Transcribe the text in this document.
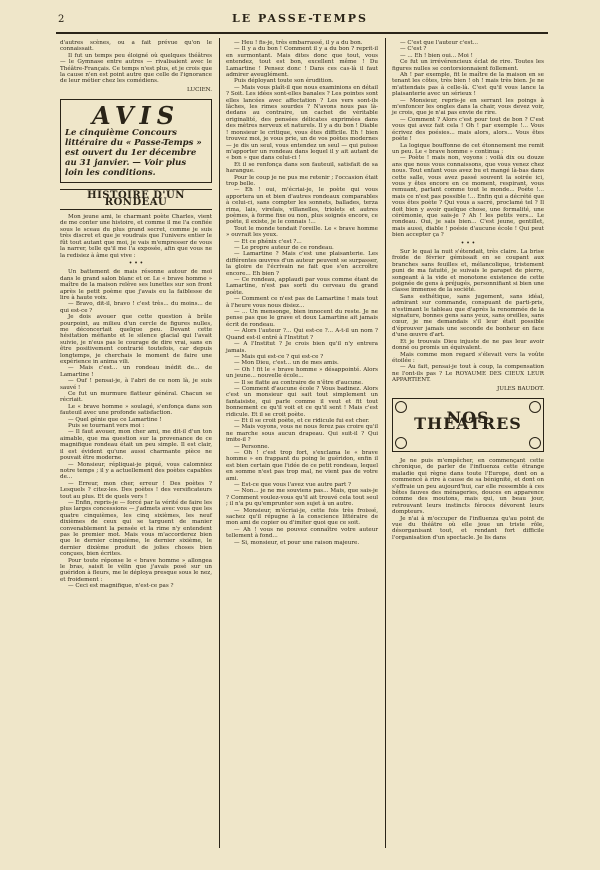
2	LE PASSE-TEMPS

d'autres scènes, ou a fait prévue qu'on le connaissait.

Il fut un temps peu éloigné où quelques théâtres — le Gymnase entre autres — rivalisaient avec le Théâtre-Français. Ce temps n'est plus, et je crois que la cause n'en est point autre que celle de l'ignorance de leur métier chez les comédiens.

LUCIEN.
AVIS
Le cinquième Concours littéraire du « Passe-Temps » est ouvert du 1er décembre au 31 janvier. — Voir plus loin les conditions.
HISTOIRE D'UN RONDEAU

Mon jeune ami, le charmant poète Charles, vient de me conter une histoire, et comme il me l'a confiée sous le sceau du plus grand secret, comme je suis très discret et que je voudrais que l'univers entier le fût tout autant que moi, je vais m'empresser de vous la narrer, telle qu'il me l'a exposée, afin que vous ne la redisiez à âme qui vive :

• • •

Un battement de mais résonne autour de moi dans le grand salon blanc et or. Le « brave homme » maître de la maison relève ses lunettes sur son front après le petit poème que j'avais eu la faiblesse de lire à haute voix.

— Bravo, dit-il, bravo ! c'est très... du moins... de qui est-ce ?

Je dois avouer que cette question à brûle pourpoint, au milieu d'un cercle de figures nulles, me déconcertait quelque peu. Devant cette hésitation méfiante et le silence glacial qui l'avait suivie, je n'eus pas le courage de dire vrai, sans en être positivement contrarié toutefois, car depuis longtemps, je cherchais le moment de faire une expérience in anima vili.

— Mais c'est... un rondeau inédit de... de Lamartine !

— Ouf ! pensai-je, à l'abri de ce nom là, je suis sauvé !

Ce fut un murmure flatteur général. Chacun se récriait.

Le « brave homme » soulagé, s'enfonça dans son fauteuil avec une profonde satisfaction.

— Quel génie que ce Lamartine !

Puis se tournant vers moi :

— Il faut avouer, mon cher ami, me dit-il d'un ton aimable, que ma question sur la provenance de ce magnifique rondeau était un peu simple. Il est clair, il est évident qu'une aussi charmante pièce ne pouvait être moderne.

— Monsieur, répliquai-je piqué, vous calomniez notre temps ; il y a actuellement des poètes capables de...

— Erreur, mon cher, erreur ! Des poètes ? Lesquels ? citez-les. Des poètes ! des versificateurs tout au plus. Et de quels vers !

— Enfin, repris-je — forcé par la vérité de faire les plus larges concessions — j'admets avec vous que les quatre cinquièmes, les cinq sixièmes, les neuf dixièmes de ceux qui se targuent de manier convenablement la pensée et la rime n'y entendent pas le premier mot. Mais vous m'accorderez bien que le dernier cinquième, le dernier sixième, le dernier dixième produit de jolies choses bien conçues, bien écrites.

Pour toute réponse le « brave homme » allongea le bras, saisit le vélin que j'avais posé sur un guéridon à fleurs, me le déploya presque sous le nez, et froidement :

— Ceci est magnifique, n'est-ce pas ?

— Heu ! fis-je, très embarrassé, il y a du bon.

— Il y a du bon ! Comment il y a du bon ? reprit-il en surmontant. Mais dites donc que tout, vous entendez, tout est bon, excellent même ! Du Lamartine ! Pensez donc ! Dans ces cas-là il faut admirer aveuglément.

Puis déployant toute son érudition.

— Mais vous plaît-il que nous examinions en détail ? Soit. Les idées sont-elles banales ? Les pointes sont elles lancées avec affectation ? Les vers sont-ils lâches, les rimes sourdes ? N'avons nous pas là-dedans au contraire, un cachet de véritable originalité, des pensées délicates exprimées dans des mètres nerveux et naturels. Il y a du bon ! Diable ! monsieur le critique, vous êtes difficile. Eh ! bien trouvez moi, je vous prie, un de vos poètes modernes — je dis un seul, vous entendez un seul — qui puisse m'apporter un rondeau dans lequel il y ait autant de « bon » que dans celui-ci !

Et il se renfonça dans son fauteuil, satisfait de sa harangue.

Pour le coup je ne pus me retenir ; l'occasion était trop belle.

— Eh ! oui, m'écriai-je, le poète qui vous apportera un et bien d'autres rondeaux comparables à celui-ci, sans compter les sonnets, ballades, terza rima, lais, virelais, villanelles, triolets et autres poèmes, à forme fixe ou non, plus soignés encore, ce poète, il existe, je le connais !...

Tout le monde tendait l'oreille. Le « brave homme » ouvrait les yeux.

— Et ce phénix c'est ?...

— Le propre auteur de ce rondeau.

— Lamartine ? Mais c'est une plaisanterie. Les différentes œuvres d'un auteur peuvent se surpasser, la gloire de l'écrivain ne fait que s'en accroître encore... Eh bien ?

— Ce rondeau, applaudi par vous comme étant de Lamartine, n'est pas sorti du cerveau du grand poète.

— Comment ce n'est pas de Lamartine ! mais tout à l'heure vous nous disiez...

— ... Un mensonge, bien innocent du reste. Je ne pense pas que le grave et doux Lamartine ait jamais écrit de rondeau.

— Alors l'auteur ?... Qui est-ce ?... A-t-il un nom ? Quand est-il entré à l'Institut ?

— A l'Institut ? Je crois bien qu'il n'y entrera jamais.

— Mais qui est-ce ? qui est-ce ?

— Mon Dieu, c'est... un de mes amis.

— Oh ! fit le « brave homme » désappointé. Alors un jeune... nouvelle école...

— Il se flatte au contraire de n'être d'aucune.

— Comment d'aucune école ? Vous badinez. Alors c'est un monsieur qui sait tout simplement un fantaisiste, qui parle comme il veut et fit tout bonnement ce qu'il voit et ce qu'il sent ! Mais c'est ridicule. Et il se croit poète.

— Et il se croit poète, et ce ridicule fui est cher.

— Mais voyons, vous ne nous ferez pas croire qu'il ne marche sous aucun drapeau. Qui suit-il ? Qui imite-il ?

— Personne.

— Oh ! c'est trop fort, s'exclama le « brave homme » en frappant du poing le guéridon, enfin il est bien certain que l'idée de ce petit rondeau, lequel en somme n'est pas trop mal, ne vient pas de votre ami.

— Est-ce que vous l'avez vue autre part ?

— Non... je ne me souviens pas... Mais, que sais-je ? Comment voulez-vous qu'il ait trouvé cela tout seul ; il n'a pu qu'emprunter son sujet à un autre.

— Monsieur, m'écriai-je, cette fois très froissé, sachez qu'il répugne à la conscience littéraire de mon ami de copier ou d'imiter quoi que ce soit.

— Ah ! vous ne pouvez connaître votre auteur tellement à fond...

— Si, monsieur, et pour une raison majeure.

— C'est que l'auteur c'est...

— C'est ?

— ... Eh ! bien oui... Moi !

Ce fut un irrévérencieux éclat de rire. Toutes les figures nulles se contorsionnaient follement.

Ah ! par exemple, fit le maître de la maison en se tenant les côtes, très bien ! oh ! mais très bien. Je ne m'attendais pas à celle-là. C'est qu'il vous lance la plaisanterie avec un sérieux !

— Monsieur, repris-je en serrant les poings à m'enfoncer les ongles dans la chair, vous devez voir, je crois, que je n'ai pas envie de rire.

— Comment ? Alors c'est pour tout de bon ? C'est vous qui avez fait cela ! Oh ! par exemple !... Vous écrivez des poésies... mais alors, alors... Vous êtes poète !

La logique bouffonne de cet étonnement me remit un peu. Le « brave homme » continua :

— Poète ! mais non, voyons : voilà dix ou douze ans que nous vous connaissons, que vous venez chez nous. Tout enfant vous avez bu et mangé là-bas dans cette salle, vous avez passé souvent la soirée ici, vous y êtes encore en ce moment, respirant, vous remuant, parlant comme tout le monde... Poète !... mais ce n'est pas possible !... Enfin qui a décrété que vous êtes poète ? Qui vous a sacré, proclamé tel ? Il doit bien y avoir quelque chose, une formalité, une cérémonie, que sais-je ? Ah ! les petits vers... Le rondeau. Oui, je sais bien... C'est jeune, gentillet, mais aussi, diable ! poésie d'aucune école ! Qui peut bien accepter ça ?

• • •

Sur le quai la nuit s'étendait, très claire. La brise froide de février gémissait en se coupant aux branches sans feuilles et, mélancolique, tristement puni de ma fatuité, je suivais le parapet de pierre, songeant à la vide et monotone existence de cette poignée de gens à préjugés, personnifiant si bien une classe immense de la société.

Sans esthétique, sans jugement, sans idéal, admirant sur commande, conspuant de parti-pris, n'estimant le tableau que d'après la renommée de la signature, bonnes gens sans yeux, sans oreilles, sans cœur, je me demandais s'il leur était possible d'éprouver jamais une seconde de bonheur en face d'une œuvre d'art.

Et je trouvais Dieu injuste de ne pas leur avoir donné ou promis un équivalent.

Mais comme mon regard s'élevait vers la voûte étoilée :

— Au fait, pensai-je tout à coup, la compensation ne l'ont-ils pas ? Le ROYAUME DES CIEUX LEUR APPARTIENT.

JULES BAUDOT.
NOS THÉATRES

Je ne puis m'empêcher, en commençant cette chronique, de parler de l'influenza cette étrange maladie qui règne dans toute l'Europe, dont on a commencé à rire à cause de sa bénignité, et dont on s'effraie un peu aujourd'hui, car elle ressemble à ces bêtes fauves des ménageries, douces en apparence comme des moutons, mais qui, un beau jour, retrouvant leurs instincts féroces dévorent leurs dompteurs.

Je n'ai à m'occuper de l'influenza qu'au point de vue du théâtre où elle joue un triste rôle, désorganisant tout, et rendant fort difficile l'organisation d'un spectacle. Je lis dans
